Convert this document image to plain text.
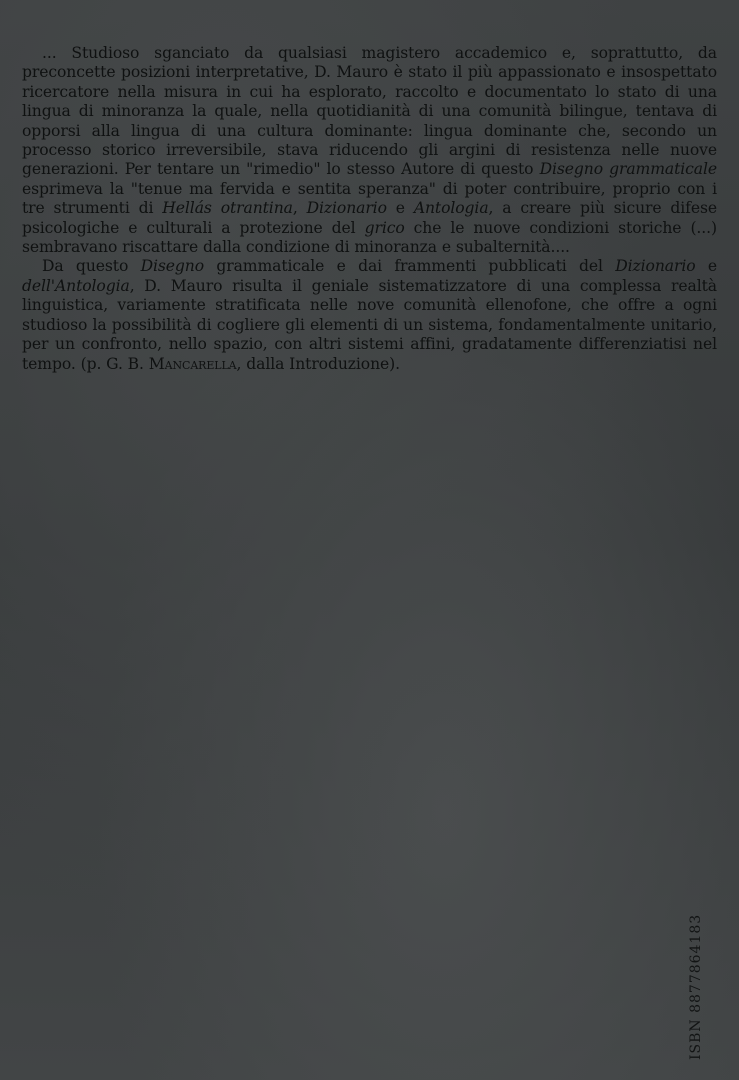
... Studioso sganciato da qualsiasi magistero accademico e, soprattutto, da preconcette posizioni interpretative, D. Mauro è stato il più appassionato e insospettato ricercatore nella misura in cui ha esplorato, raccolto e documentato lo stato di una lingua di minoranza la quale, nella quotidianità di una comunità bilingue, tentava di opporsi alla lingua di una cultura dominante: lingua dominante che, secondo un processo storico irreversibile, stava riducendo gli argini di resistenza nelle nuove generazioni. Per tentare un "rimedio" lo stesso Autore di questo Disegno grammaticale esprimeva la "tenue ma fervida e sentita speranza" di poter contribuire, proprio con i tre strumenti di Hellás otrantina, Dizionario e Antologia, a creare più sicure difese psicologiche e culturali a protezione del grico che le nuove condizioni storiche (...) sembravano riscattare dalla condizione di minoranza e subalternità....

Da questo Disegno grammaticale e dai frammenti pubblicati del Dizionario e dell'Antologia, D. Mauro risulta il geniale sistematizzatore di una complessa realtà linguistica, variamente stratificata nelle nove comunità ellenofone, che offre a ogni studioso la possibilità di cogliere gli elementi di un sistema, fondamentalmente unitario, per un confronto, nello spazio, con altri sistemi affini, gradatamente differenziatisi nel tempo. (p. G. B. Mancarella, dalla Introduzione).

ISBN 8877864183
